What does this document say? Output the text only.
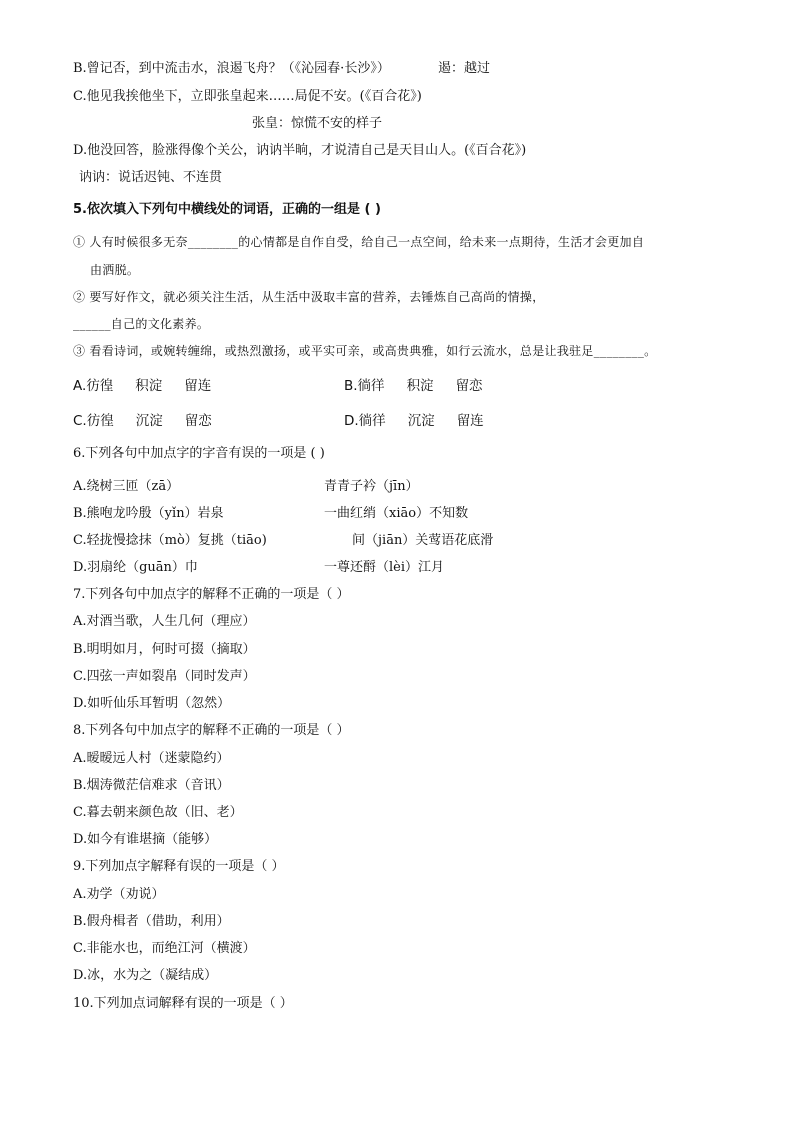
B.曾记否，到中流击水，浪遏飞舟？（《沁园春·长沙》）	遏：越过
C.他见我挨他坐下，立即张皇起来……局促不安。(《百合花》)
张皇：惊慌不安的样子
D.他没回答，脸涨得像个关公，讷讷半晌，才说清自己是天目山人。(《百合花》)
讷讷：说话迟钝、不连贯
5.依次填入下列句中横线处的词语，正确的一组是 ( )
① 人有时候很多无奈________的心情都是自作自受，给自己一点空间，给未来一点期待，生活才会更加自
由洒脱。
② 要写好作文，就必须关注生活，从生活中汲取丰富的营养，去锤炼自己高尚的情操，
______自己的文化素养。
③ 看看诗词，或婉转缠绵，或热烈激扬，或平实可亲，或高贵典雅，如行云流水，总是让我驻足________。
A.彷徨 积淀 留连	B.徜徉 积淀 留恋
C.彷徨 沉淀 留恋	D.徜徉 沉淀 留连
6.下列各句中加点字的字音有误的一项是 ( )
A.绕树三匝（zā）	青青子衿（jīn）
B.熊咆龙吟殷（yǐn）岩泉	一曲红绡（xiāo）不知数
C.轻拢慢捻抹（mò）复挑（tiāo)	间（jiān）关莺语花底滑
D.羽扇纶（guān）巾	一尊还酹（lèi）江月
7.下列各句中加点字的解释不正确的一项是（ ）
A.对酒当歌，人生几何（理应）
B.明明如月，何时可掇（摘取）
C.四弦一声如裂帛（同时发声）
D.如听仙乐耳暂明（忽然）
8.下列各句中加点字的解释不正确的一项是（ ）
A.暧暧远人村（迷蒙隐约）
B.烟涛微茫信难求（音讯）
C.暮去朝来颜色故（旧、老）
D.如今有谁堪摘（能够）
9.下列加点字解释有误的一项是（ ）
A.劝学（劝说）
B.假舟楫者（借助，利用）
C.非能水也，而绝江河（横渡）
D.冰，水为之（凝结成）
10.下列加点词解释有误的一项是（ ）
